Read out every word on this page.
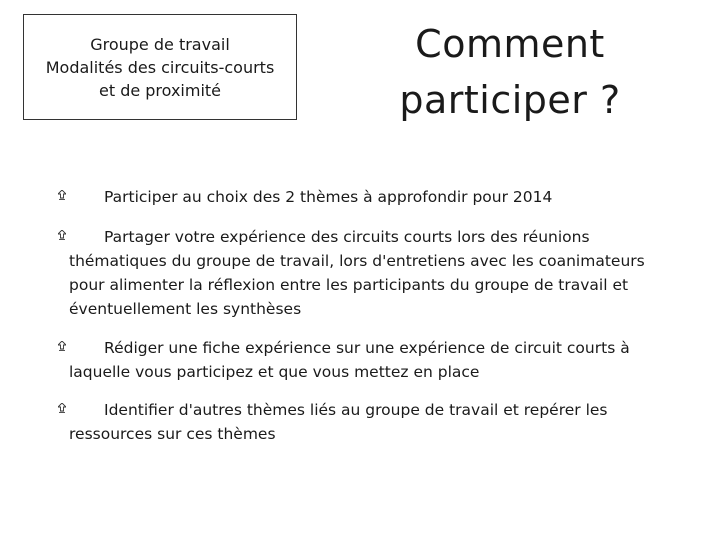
Groupe de travail
Modalités des circuits-courts
et de proximité
Comment
participer ?
Participer au choix des 2 thèmes à approfondir pour 2014
Partager votre expérience des circuits courts lors des réunions thématiques du groupe de travail, lors d'entretiens avec les coanimateurs pour alimenter la réflexion entre les participants du groupe de travail et éventuellement les synthèses
Rédiger une fiche expérience sur une expérience de circuit courts à laquelle vous participez et que vous mettez en place
Identifier d'autres thèmes liés au groupe de travail et repérer les ressources sur ces thèmes
